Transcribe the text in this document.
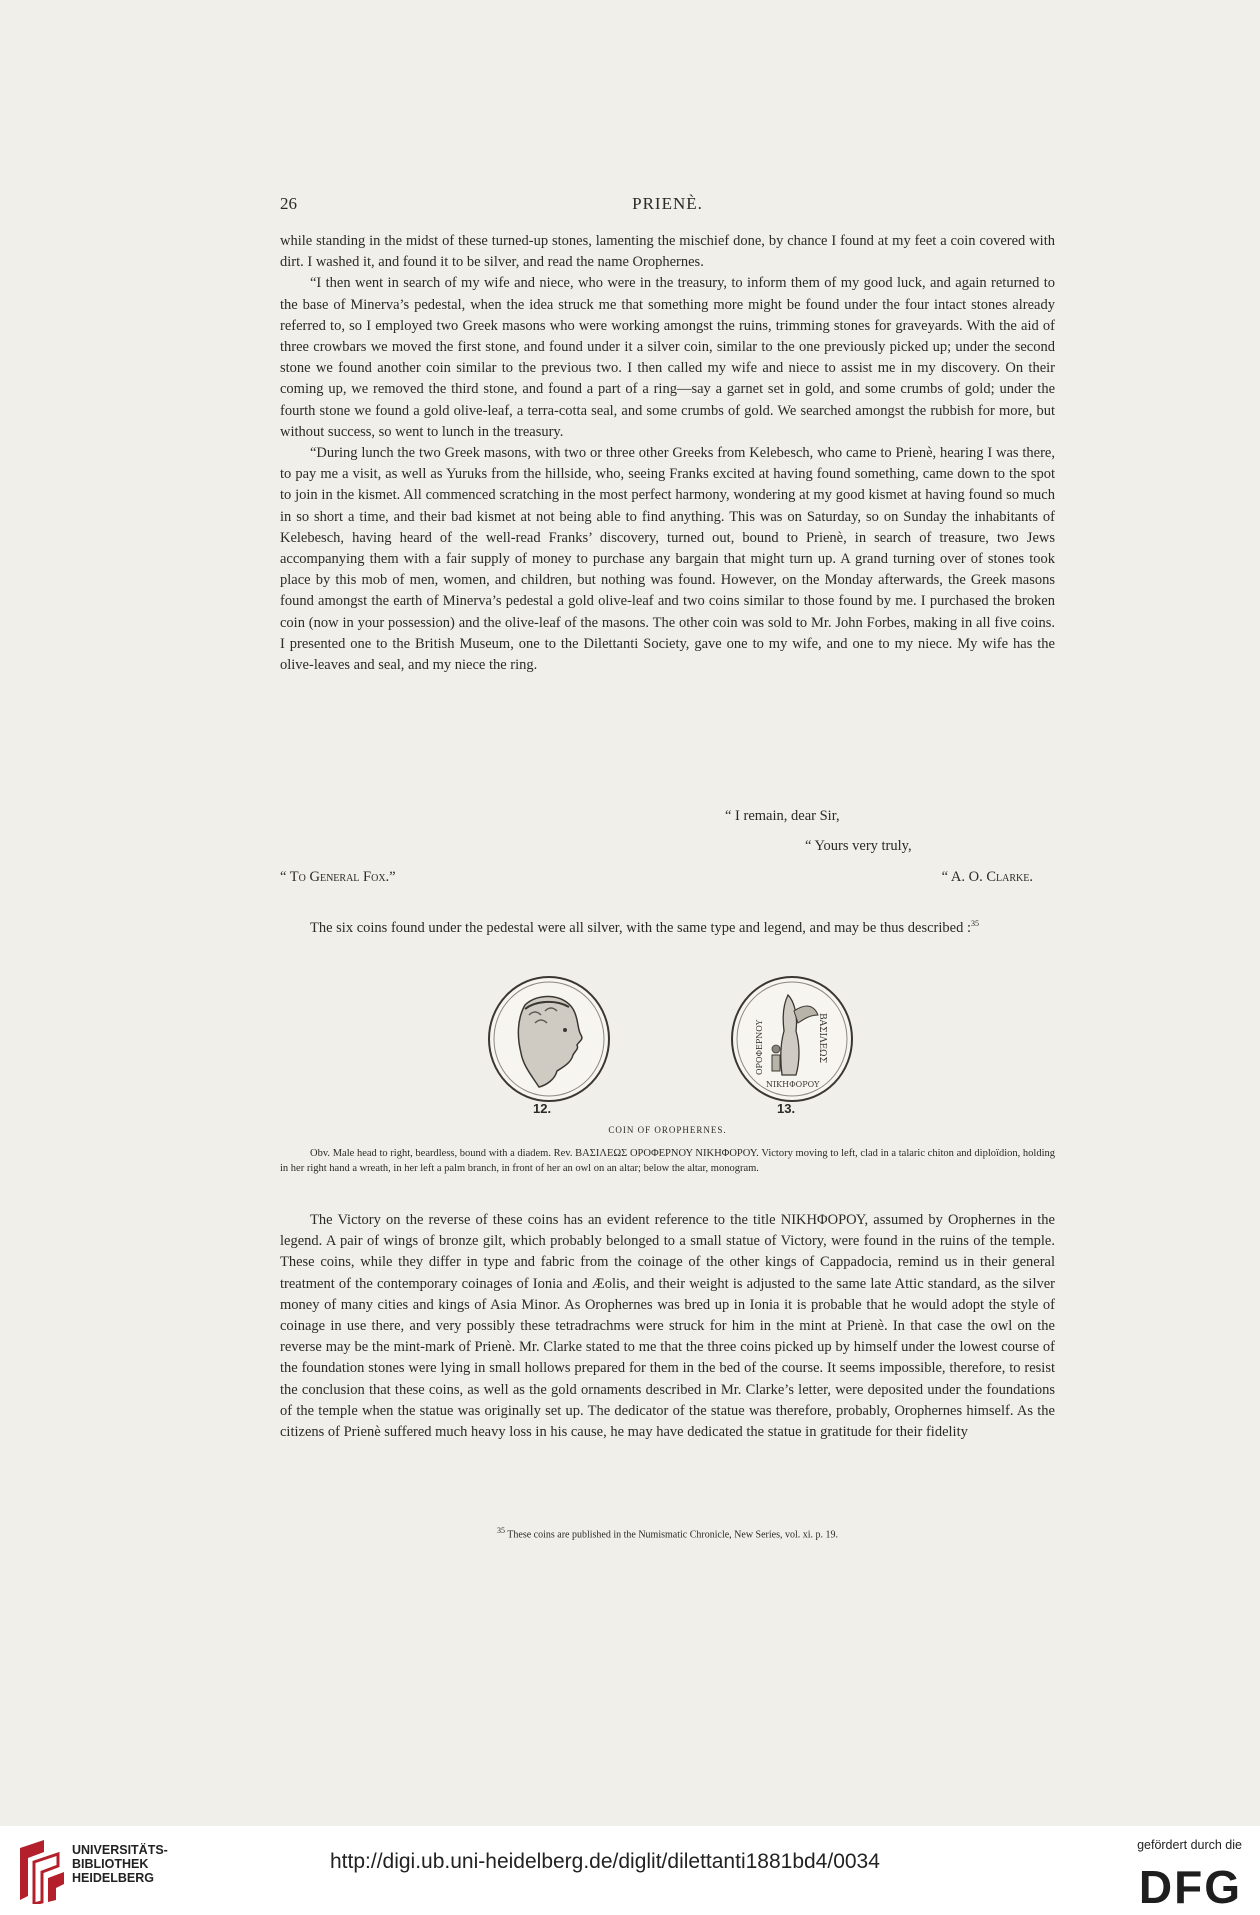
26	PRIENÈ.

while standing in the midst of these turned-up stones, lamenting the mischief done, by chance I found at my feet a coin covered with dirt. I washed it, and found it to be silver, and read the name Orophernes.

“I then went in search of my wife and niece, who were in the treasury, to inform them of my good luck, and again returned to the base of Minerva’s pedestal, when the idea struck me that something more might be found under the four intact stones already referred to, so I employed two Greek masons who were working amongst the ruins, trimming stones for graveyards. With the aid of three crowbars we moved the first stone, and found under it a silver coin, similar to the one previously picked up; under the second stone we found another coin similar to the previous two. I then called my wife and niece to assist me in my discovery. On their coming up, we removed the third stone, and found a part of a ring—say a garnet set in gold, and some crumbs of gold; under the fourth stone we found a gold olive-leaf, a terra-cotta seal, and some crumbs of gold. We searched amongst the rubbish for more, but without success, so went to lunch in the treasury.

“During lunch the two Greek masons, with two or three other Greeks from Kelebesch, who came to Prienè, hearing I was there, to pay me a visit, as well as Yuruks from the hillside, who, seeing Franks excited at having found something, came down to the spot to join in the kismet. All commenced scratching in the most perfect harmony, wondering at my good kismet at having found so much in so short a time, and their bad kismet at not being able to find anything. This was on Saturday, so on Sunday the inhabitants of Kelebesch, having heard of the well-read Franks’ discovery, turned out, bound to Prienè, in search of treasure, two Jews accompanying them with a fair supply of money to purchase any bargain that might turn up. A grand turning over of stones took place by this mob of men, women, and children, but nothing was found. However, on the Monday afterwards, the Greek masons found amongst the earth of Minerva’s pedestal a gold olive-leaf and two coins similar to those found by me. I purchased the broken coin (now in your possession) and the olive-leaf of the masons. The other coin was sold to Mr. John Forbes, making in all five coins. I presented one to the British Museum, one to the Dilettanti Society, gave one to my wife, and one to my niece. My wife has the olive-leaves and seal, and my niece the ring.

“ I remain, dear Sir,
“ Yours very truly,
“ To General Fox.”	“ A. O. Clarke.

The six coins found under the pedestal were all silver, with the same type and legend, and may be thus described :$^{35}$

ΒΑΣΙΛΕΩΣ
ΟΡΟΦΕΡΝΟΥ
ΝΙΚΗΦΟΡΟΥ
12.	13.
COIN OF OROPHERNES.

Obv. Male head to right, beardless, bound with a diadem. Rev. ΒΑΣΙΛΕΩΣ ΟΡΟΦΕΡΝΟΥ ΝΙΚΗΦΟΡΟΥ. Victory moving to left, clad in a talaric chiton and diploïdion, holding in her right hand a wreath, in her left a palm branch, in front of her an owl on an altar; below the altar, monogram.

The Victory on the reverse of these coins has an evident reference to the title ΝΙΚΗΦΟΡΟΥ, assumed by Orophernes in the legend. A pair of wings of bronze gilt, which probably belonged to a small statue of Victory, were found in the ruins of the temple. These coins, while they differ in type and fabric from the coinage of the other kings of Cappadocia, remind us in their general treatment of the contemporary coinages of Ionia and Æolis, and their weight is adjusted to the same late Attic standard, as the silver money of many cities and kings of Asia Minor. As Orophernes was bred up in Ionia it is probable that he would adopt the style of coinage in use there, and very possibly these tetradrachms were struck for him in the mint at Prienè. In that case the owl on the reverse may be the mint-mark of Prienè. Mr. Clarke stated to me that the three coins picked up by himself under the lowest course of the foundation stones were lying in small hollows prepared for them in the bed of the course. It seems impossible, therefore, to resist the conclusion that these coins, as well as the gold ornaments described in Mr. Clarke’s letter, were deposited under the foundations of the temple when the statue was originally set up. The dedicator of the statue was therefore, probably, Orophernes himself. As the citizens of Prienè suffered much heavy loss in his cause, he may have dedicated the statue in gratitude for their fidelity

$^{35}$ These coins are published in the Numismatic Chronicle, New Series, vol. xi. p. 19.
UNIVERSITÄTS-
BIBLIOTHEK
HEIDELBERG
http://digi.ub.uni-heidelberg.de/diglit/dilettanti1881bd4/0034
gefördert durch die
DFG
